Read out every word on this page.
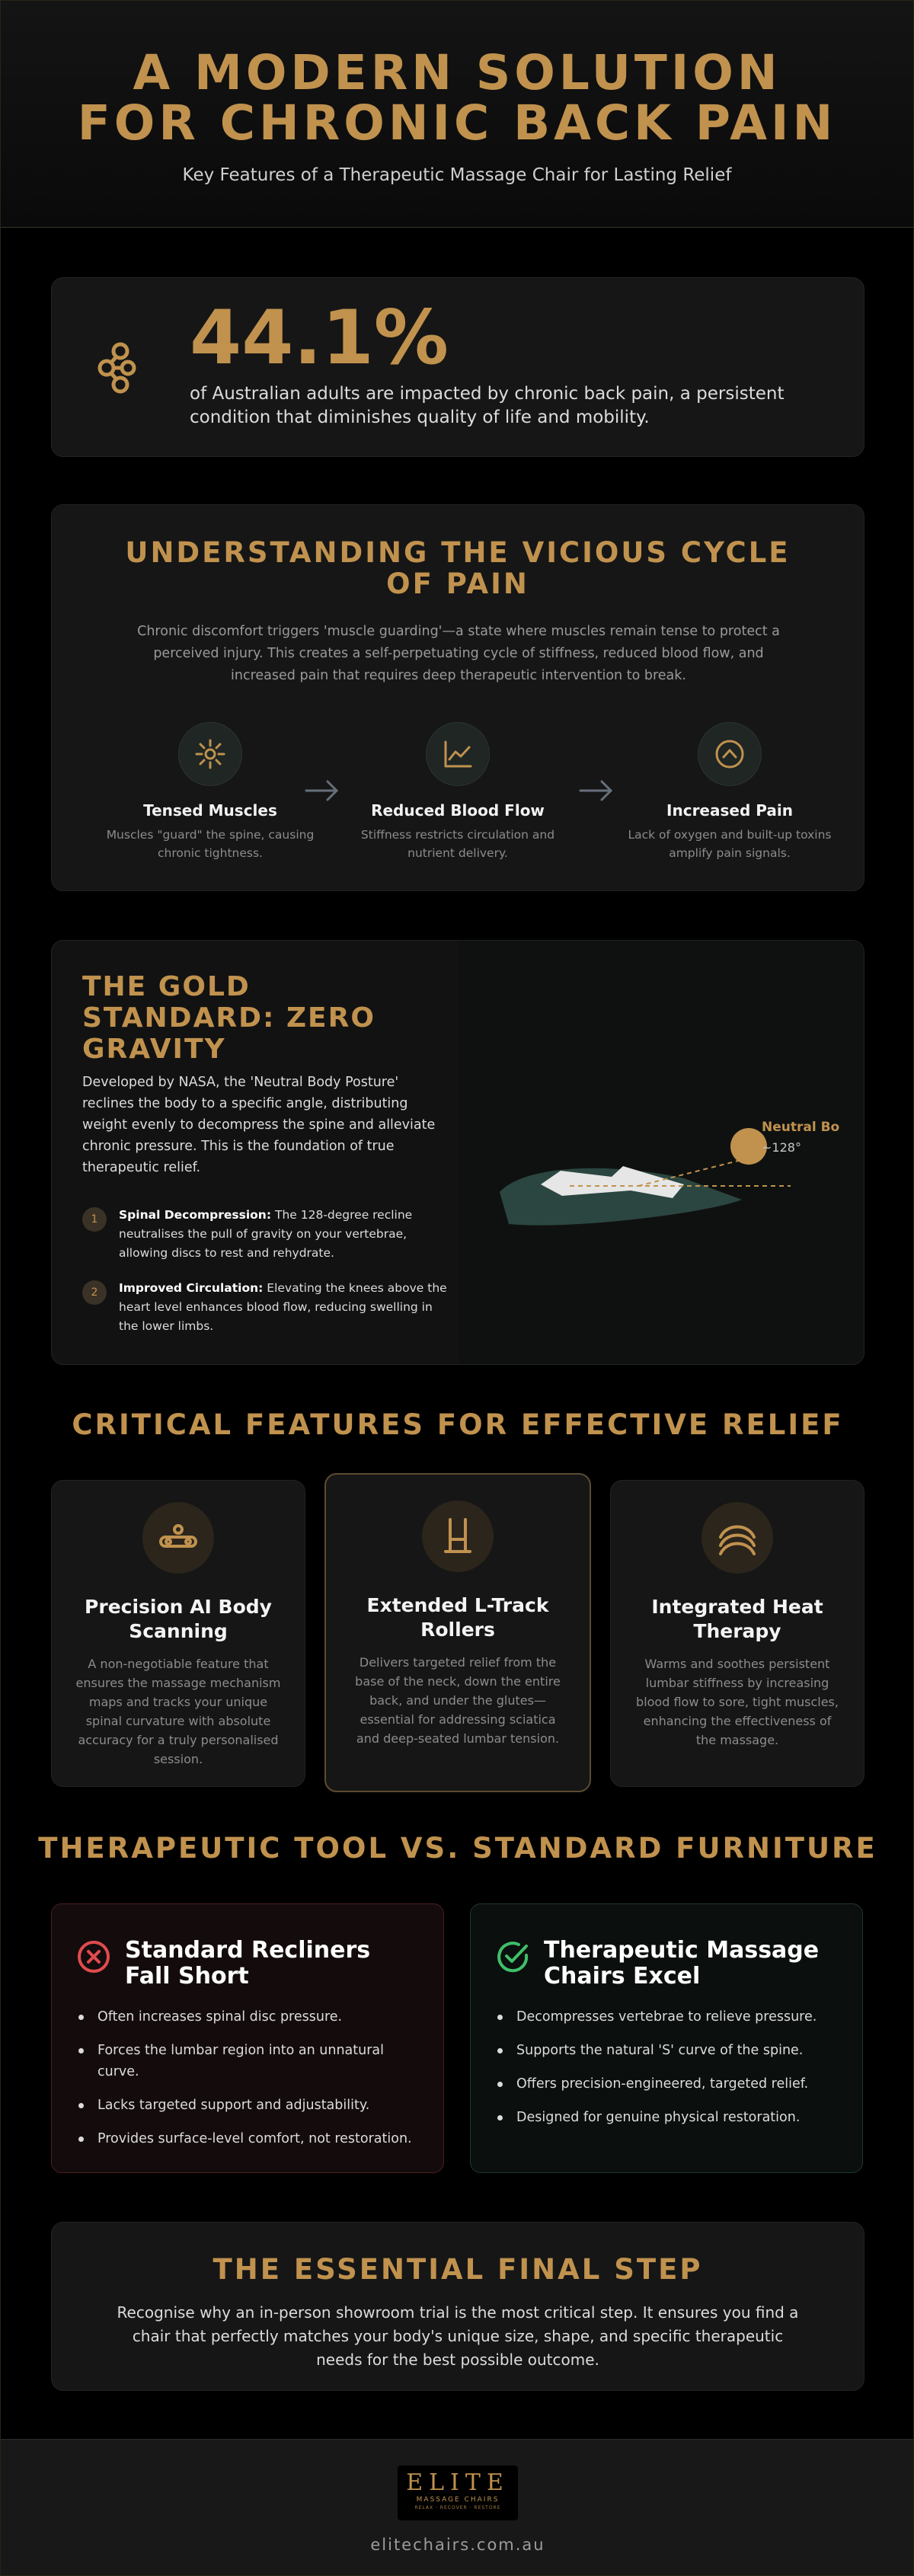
A MODERN SOLUTION FOR CHRONIC BACK PAIN
Key Features of a Therapeutic Massage Chair for Lasting Relief
44.1%
of Australian adults are impacted by chronic back pain, a persistent condition that diminishes quality of life and mobility.
UNDERSTANDING THE VICIOUS CYCLE OF PAIN
Chronic discomfort triggers 'muscle guarding'—a state where muscles remain tense to protect a perceived injury. This creates a self-perpetuating cycle of stiffness, reduced blood flow, and increased pain that requires deep therapeutic intervention to break.
Tensed Muscles
Muscles "guard" the spine, causing chronic tightness.
Reduced Blood Flow
Stiffness restricts circulation and nutrient delivery.
Increased Pain
Lack of oxygen and built-up toxins amplify pain signals.
THE GOLD STANDARD: ZERO GRAVITY
Developed by NASA, the 'Neutral Body Posture' reclines the body to a specific angle, distributing weight evenly to decompress the spine and alleviate chronic pressure. This is the foundation of true therapeutic relief.
1	Spinal Decompression: The 128-degree recline neutralises the pull of gravity on your vertebrae, allowing discs to rest and rehydrate.
2	Improved Circulation: Elevating the knees above the heart level enhances blood flow, reducing swelling in the lower limbs.
Neutral Bo
~128°
CRITICAL FEATURES FOR EFFECTIVE RELIEF
Precision AI Body Scanning
A non-negotiable feature that ensures the massage mechanism maps and tracks your unique spinal curvature with absolute accuracy for a truly personalised session.
Extended L-Track Rollers
Delivers targeted relief from the base of the neck, down the entire back, and under the glutes—essential for addressing sciatica and deep-seated lumbar tension.
Integrated Heat Therapy
Warms and soothes persistent lumbar stiffness by increasing blood flow to sore, tight muscles, enhancing the effectiveness of the massage.
THERAPEUTIC TOOL VS. STANDARD FURNITURE
Standard Recliners Fall Short
Often increases spinal disc pressure.
Forces the lumbar region into an unnatural curve.
Lacks targeted support and adjustability.
Provides surface-level comfort, not restoration.
Therapeutic Massage Chairs Excel
Decompresses vertebrae to relieve pressure.
Supports the natural 'S' curve of the spine.
Offers precision-engineered, targeted relief.
Designed for genuine physical restoration.
THE ESSENTIAL FINAL STEP

Recognise why an in-person showroom trial is the most critical step. It ensures you find a chair that perfectly matches your body's unique size, shape, and specific therapeutic needs for the best possible outcome.

ELITE
MASSAGE CHAIRS
RELAX · RECOVER · RESTORE
elitechairs.com.au
